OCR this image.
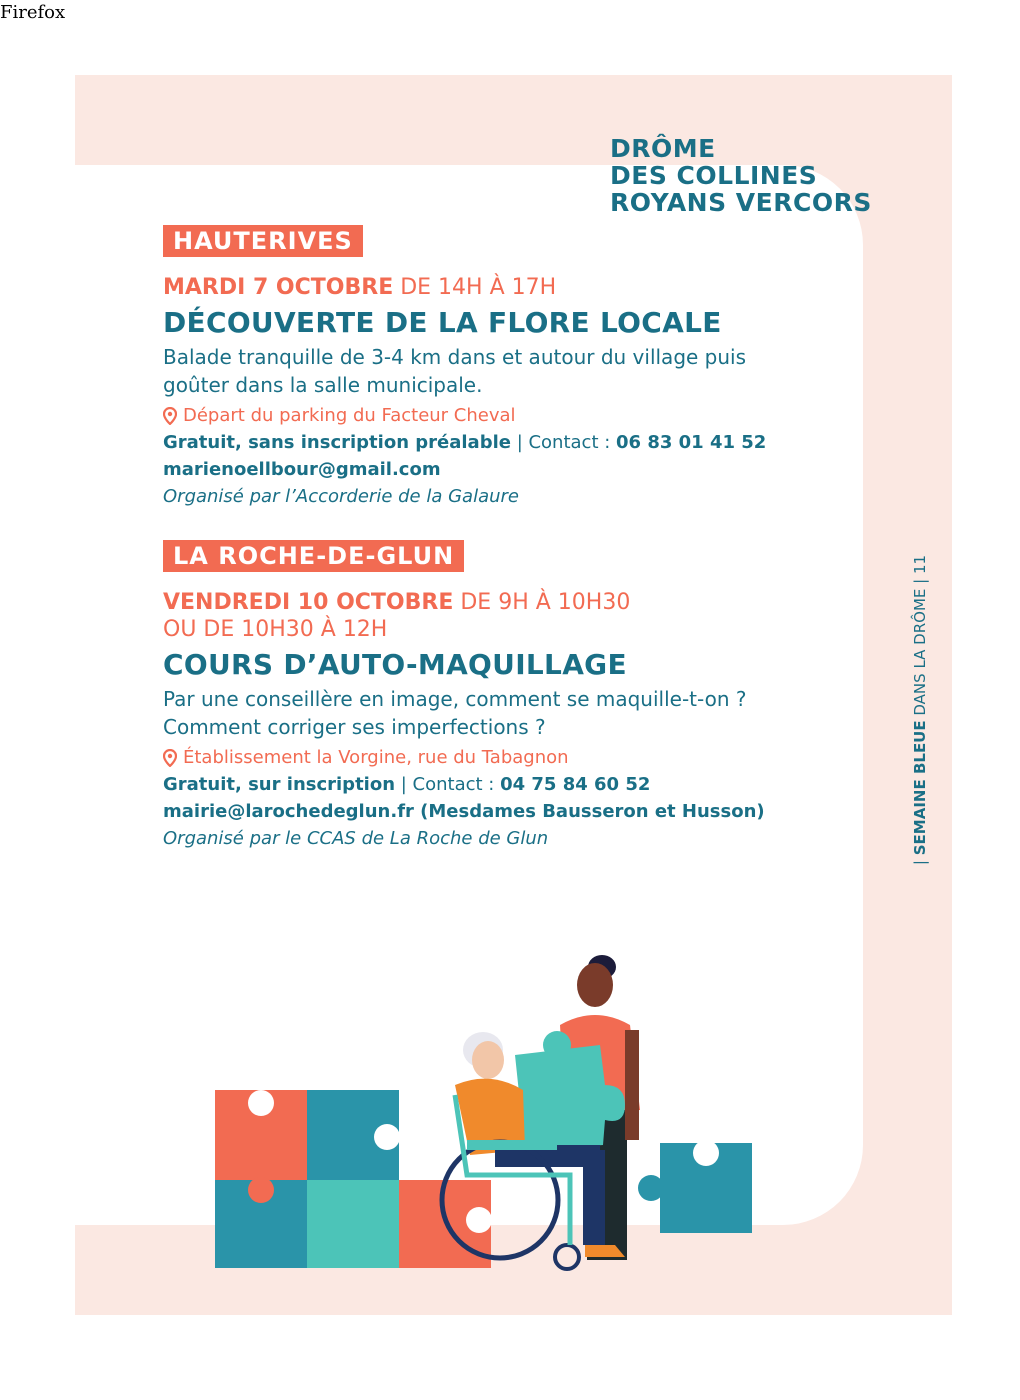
Firefox
DRÔME
DES COLLINES
ROYANS VERCORS
HAUTERIVES
MARDI 7 OCTOBRE DE 14H À 17H
DÉCOUVERTE DE LA FLORE LOCALE
Balade tranquille de 3-4 km dans et autour du village puis goûter dans la salle municipale.
Départ du parking du Facteur Cheval
Gratuit, sans inscription préalable | Contact : 06 83 01 41 52
marienoellbour@gmail.com
Organisé par l’Accorderie de la Galaure
LA ROCHE-DE-GLUN
VENDREDI 10 OCTOBRE DE 9H À 10H30
OU DE 10H30 À 12H
COURS D’AUTO-MAQUILLAGE
Par une conseillère en image, comment se maquille-t-on ? Comment corriger ses imperfections ?
Établissement la Vorgine, rue du Tabagnon
Gratuit, sur inscription | Contact : 04 75 84 60 52
mairie@larochedeglun.fr (Mesdames Bausseron et Husson)
Organisé par le CCAS de La Roche de Glun
| SEMAINE BLEUE DANS LA DRÔME | 11
